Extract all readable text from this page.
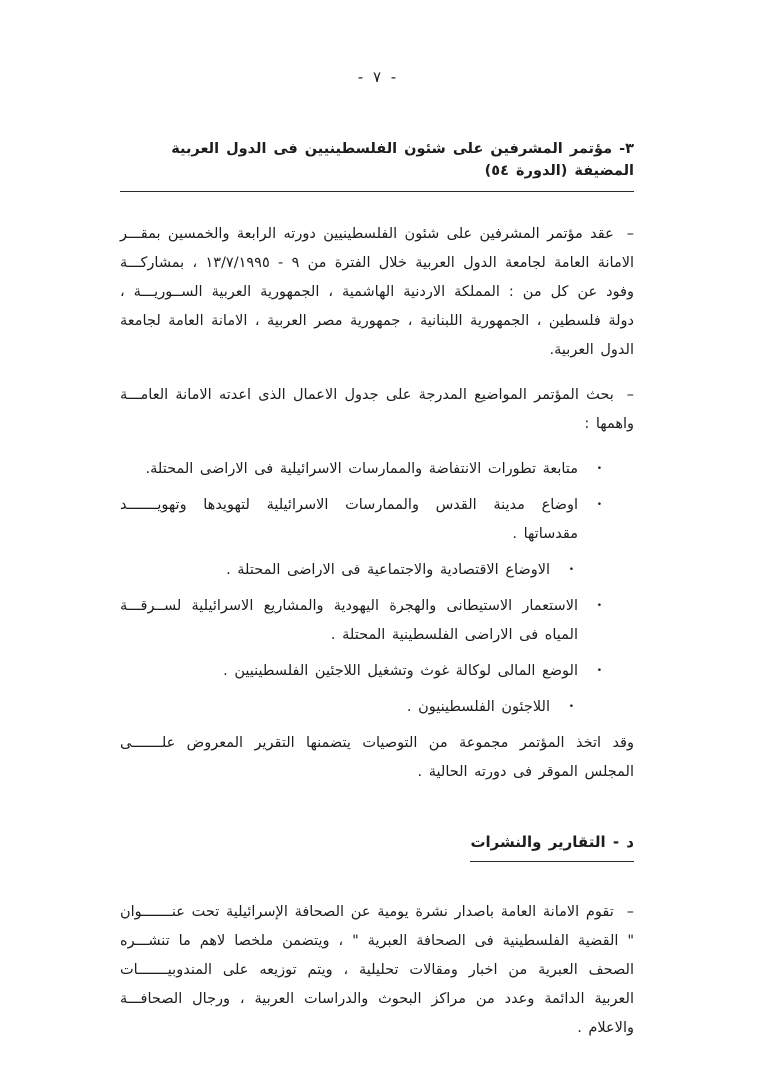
- ٧ -
٣- مؤتمر المشرفين على شئون الفلسطينيين فى الدول العربية المضيفة (الدورة ٥٤)

–عقد مؤتمر المشرفين على شئون الفلسطينيين دورته الرابعة والخمسين بمقـــر الامانة العامة لجامعة الدول العربية خلال الفترة من ٩ - ١٣/٧/١٩٩٥ ، بمشاركـــة وفود عن كل من : المملكة الاردنية الهاشمية ، الجمهورية العربية الســوريـــة ، دولة فلسطين ، الجمهورية اللبنانية ، جمهورية مصر العربية ، الامانة العامة لجامعة الدول العربية.

–بحث المؤتمر المواضيع المدرجة على جدول الاعمال الذى اعدته الامانة العامـــة واهمها :

•
متابعة تطورات الانتفاضة والممارسات الاسرائيلية فى الاراضى المحتلة.
•
اوضاع مدينة القدس والممارسات الاسرائيلية لتهويدها وتهويـــــــد مقدساتها .
•
الاوضاع الاقتصادية والاجتماعية فى الاراضى المحتلة .
•
الاستعمار الاستيطانى والهجرة اليهودية والمشاريع الاسرائيلية لســرقـــة المياه فى الاراضى الفلسطينية المحتلة .
•
الوضع المالى لوكالة غوث وتشغيل اللاجئين الفلسطينيين .
•
اللاجئون الفلسطينيون .

وقد اتخذ المؤتمر مجموعة من التوصيات يتضمنها التقرير المعروض علـــــــى المجلس الموقر فى دورته الحالية .

د - التقارير والنشرات

–تقوم الامانة العامة باصدار نشرة يومية عن الصحافة الإسرائيلية تحت عنـــــــوان " القضية الفلسطينية فى الصحافة العبرية " ، ويتضمن ملخصا لاهم ما تنشـــره الصحف العبرية من اخبار ومقالات تحليلية ، ويتم توزيعه على المندوبيـــــــات العربية الدائمة وعدد من مراكز البحوث والدراسات العربية ، ورجال الصحافـــة والاعلام .
